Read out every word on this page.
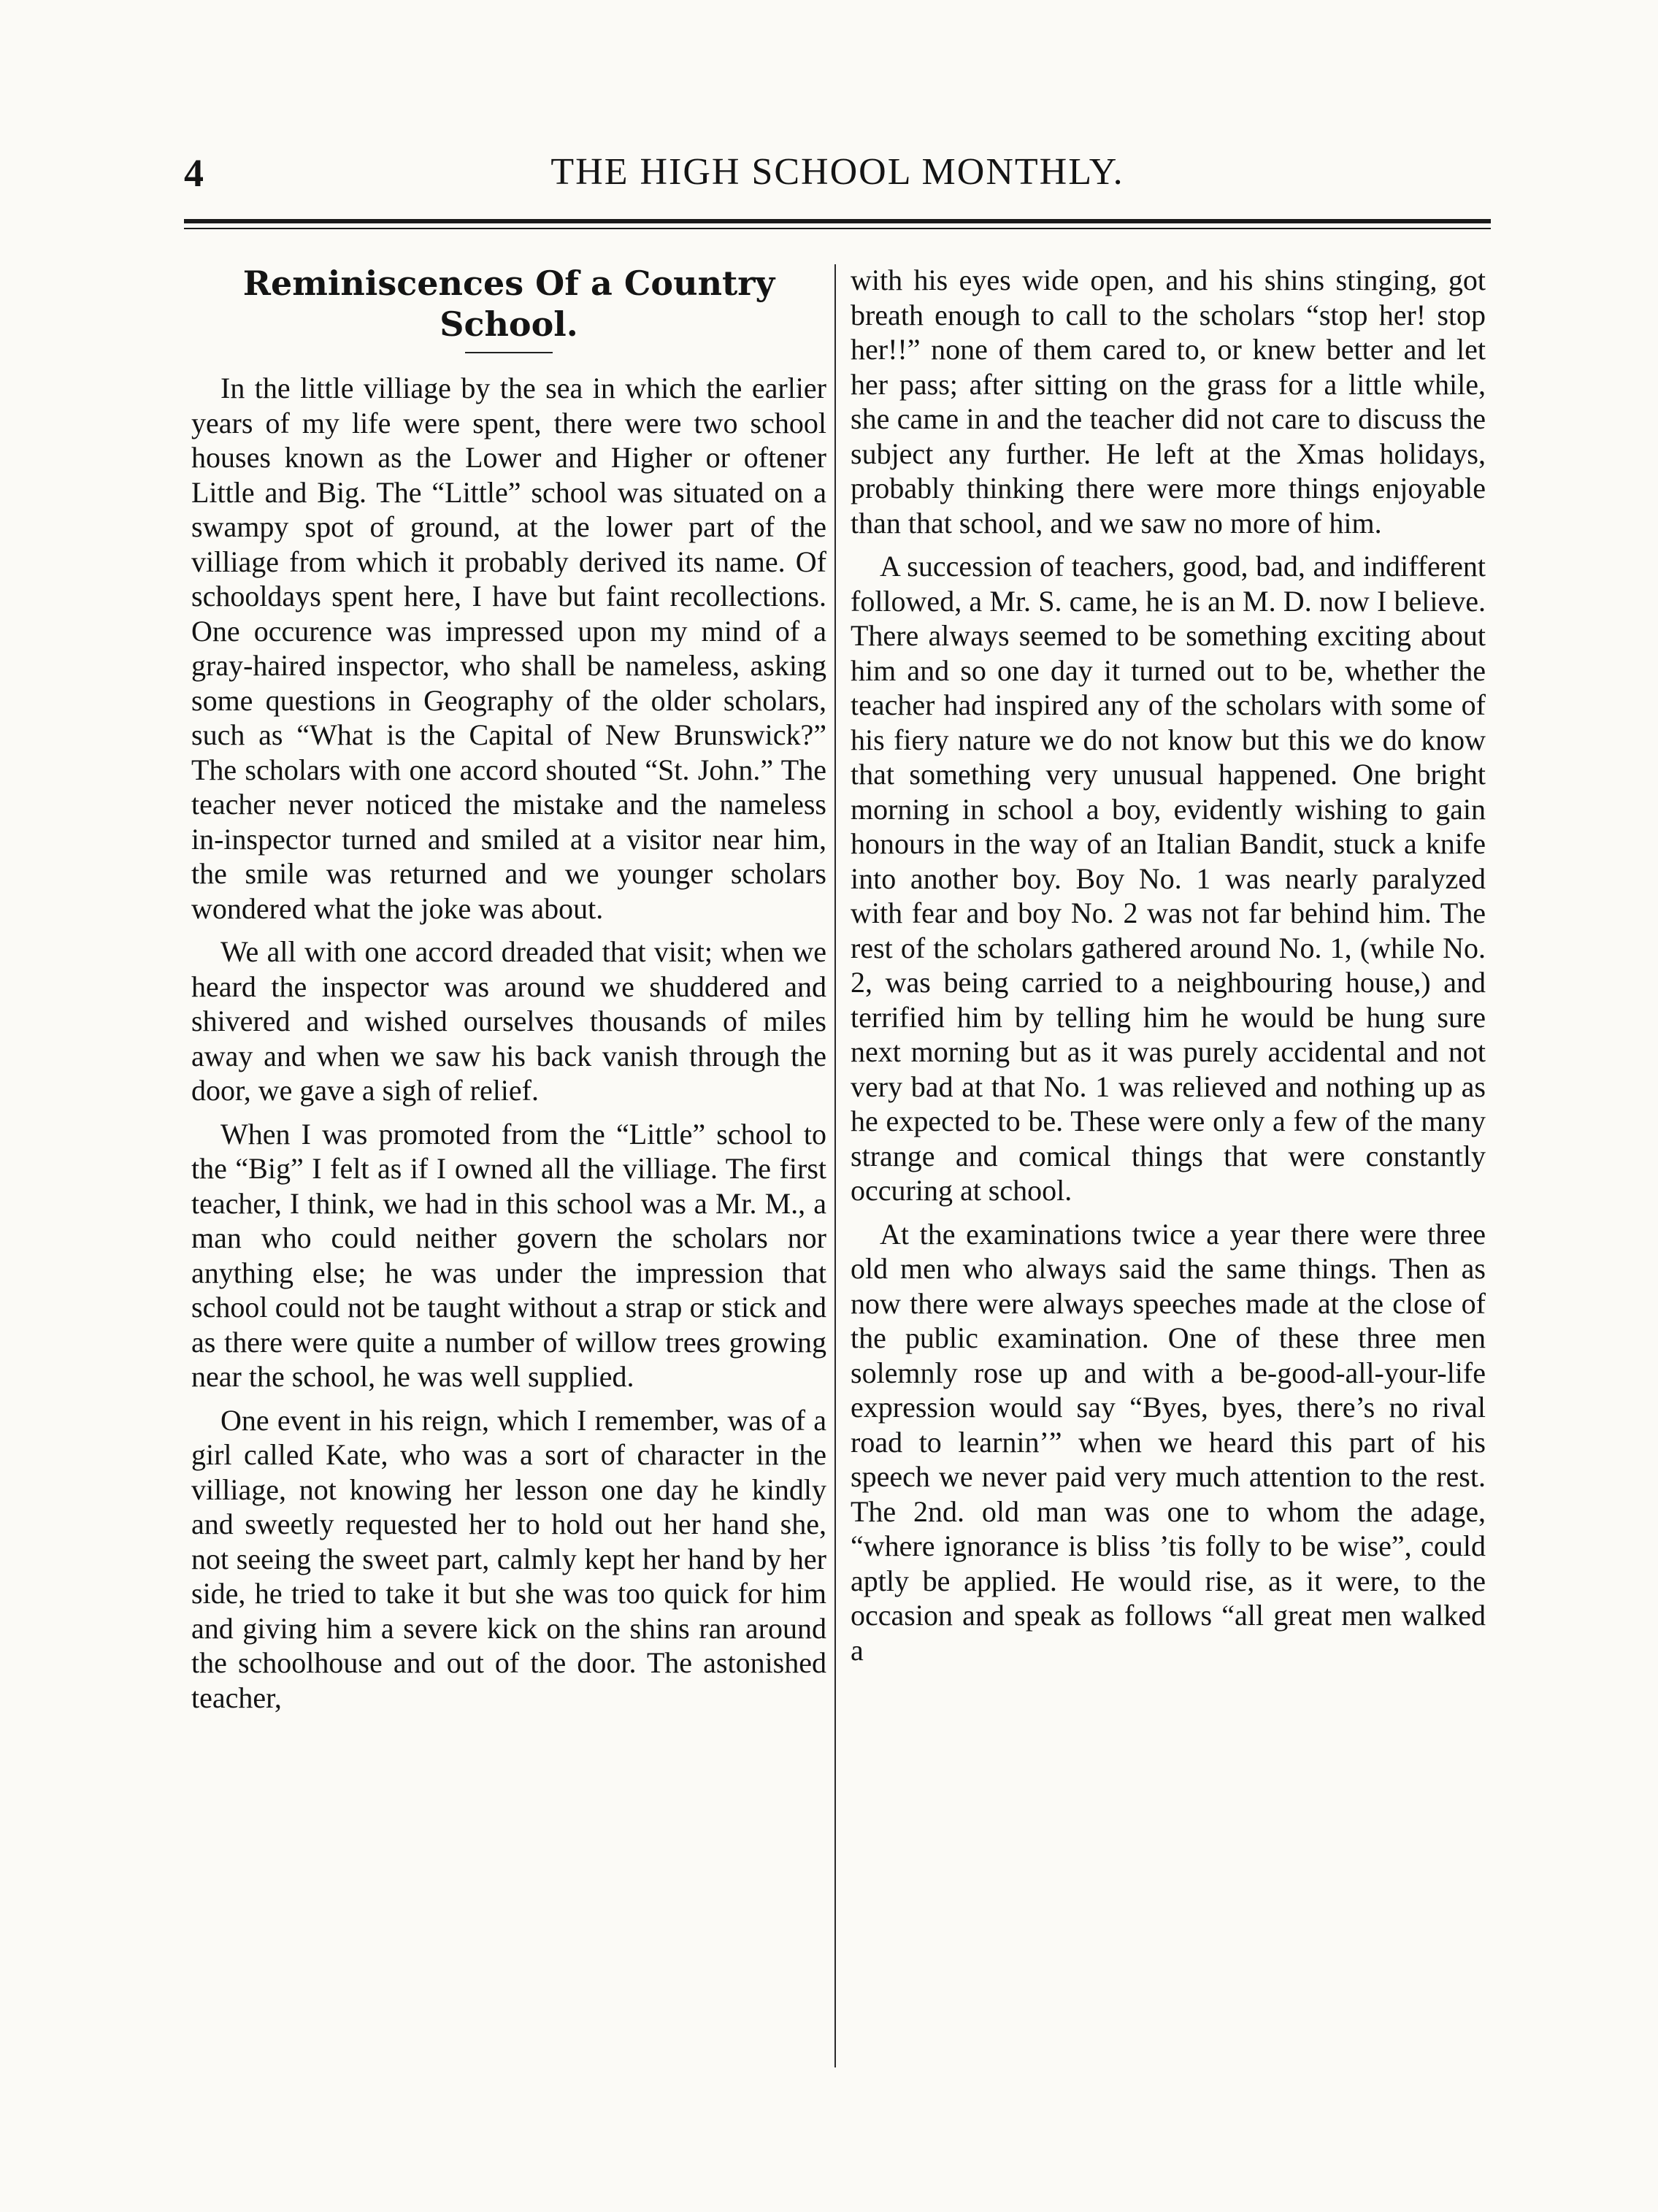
4	THE HIGH SCHOOL MONTHLY.
Reminiscences Of a Country School.

In the little villiage by the sea in which the earlier years of my life were spent, there were two school houses known as the Lower and Higher or oftener Little and Big. The “Little” school was situated on a swampy spot of ground, at the lower part of the villiage from which it probably derived its name. Of schooldays spent here, I have but faint recollections. One occurence was impressed upon my mind of a gray-haired inspector, who shall be nameless, asking some questions in Geography of the older scholars, such as “What is the Capital of New Brunswick?” The scholars with one accord shouted “St. John.” The teacher never noticed the mistake and the nameless in-inspector turned and smiled at a visitor near him, the smile was returned and we younger scholars wondered what the joke was about.

We all with one accord dreaded that visit; when we heard the inspector was around we shuddered and shivered and wished ourselves thousands of miles away and when we saw his back vanish through the door, we gave a sigh of relief.

When I was promoted from the “Little” school to the “Big” I felt as if I owned all the villiage. The first teacher, I think, we had in this school was a Mr. M., a man who could neither govern the scholars nor anything else; he was under the impression that school could not be taught without a strap or stick and as there were quite a number of willow trees growing near the school, he was well supplied.

One event in his reign, which I remember, was of a girl called Kate, who was a sort of character in the villiage, not knowing her lesson one day he kindly and sweetly requested her to hold out her hand she, not seeing the sweet part, calmly kept her hand by her side, he tried to take it but she was too quick for him and giving him a severe kick on the shins ran around the schoolhouse and out of the door. The astonished teacher,

with his eyes wide open, and his shins stinging, got breath enough to call to the scholars “stop her! stop her!!” none of them cared to, or knew better and let her pass; after sitting on the grass for a little while, she came in and the teacher did not care to discuss the subject any further. He left at the Xmas holidays, probably thinking there were more things enjoyable than that school, and we saw no more of him.

A succession of teachers, good, bad, and indifferent followed, a Mr. S. came, he is an M. D. now I believe. There always seemed to be something exciting about him and so one day it turned out to be, whether the teacher had inspired any of the scholars with some of his fiery nature we do not know but this we do know that something very unusual happened. One bright morning in school a boy, evidently wishing to gain honours in the way of an Italian Bandit, stuck a knife into another boy. Boy No. 1 was nearly paralyzed with fear and boy No. 2 was not far behind him. The rest of the scholars gathered around No. 1, (while No. 2, was being carried to a neighbouring house,) and terrified him by telling him he would be hung sure next morning but as it was purely accidental and not very bad at that No. 1 was relieved and nothing up as he expected to be. These were only a few of the many strange and comical things that were constantly occuring at school.

At the examinations twice a year there were three old men who always said the same things. Then as now there were always speeches made at the close of the public examination. One of these three men solemnly rose up and with a be-good-all-your-life expression would say “Byes, byes, there’s no rival road to learnin’” when we heard this part of his speech we never paid very much attention to the rest. The 2nd. old man was one to whom the adage, “where ignorance is bliss ’tis folly to be wise”, could aptly be applied. He would rise, as it were, to the occasion and speak as follows “all great men walked a
